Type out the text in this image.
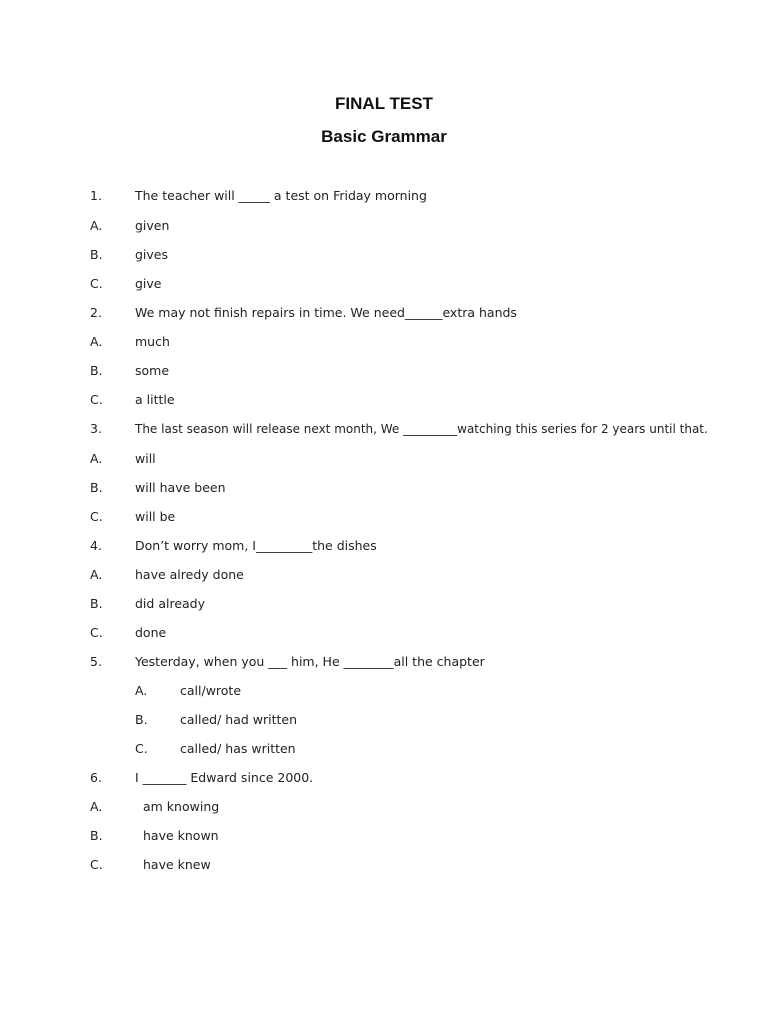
FINAL TEST
Basic Grammar
1.	The teacher will _____ a test on Friday morning
A.	given
B.	gives
C.	give
2.	We may not finish repairs in time. We need______extra hands
A.	much
B.	some
C.	a little
3.	The last season will release next month, We _________watching this series for 2 years until that.
A.	will
B.	will have been
C.	will be
4.	Don’t worry mom, I_________the dishes
A.	have alredy done
B.	did already
C.	done
5.	Yesterday, when you ___ him, He ________all the chapter
A.	call/wrote
B.	called/ had written
C.	called/ has written
6.	I _______ Edward since 2000.
A.	am knowing
B.	have known
C.	have knew
